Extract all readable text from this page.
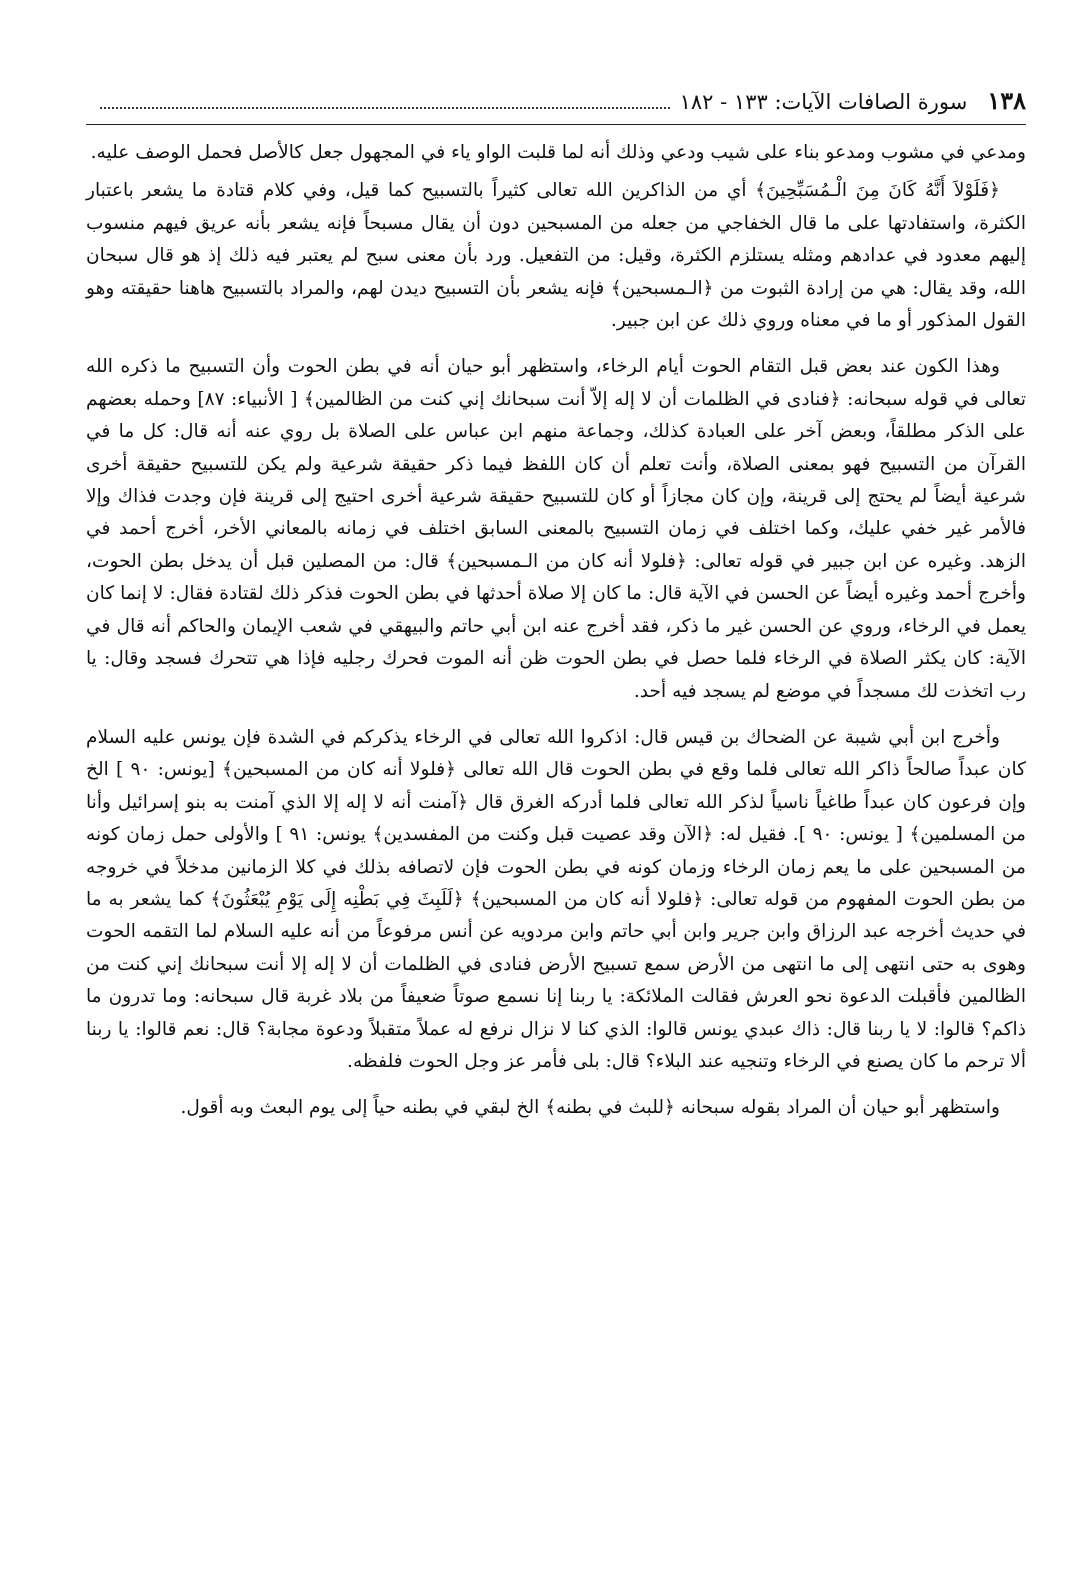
١٣٨
سورة الصافات الآيات: ١٣٣ - ١٨٢

ومدعي في مشوب ومدعو بناء على شيب ودعي وذلك أنه لما قلبت الواو ياء في المجهول جعل كالأصل فحمل الوصف عليه.

﴿فَلَوْلاَ أَنَّهُ كَانَ مِنَ الْـمُسَبِّحِينَ﴾ أي من الذاكرين الله تعالى كثيراً بالتسبيح كما قيل، وفي كلام قتادة ما يشعر باعتبار الكثرة، واستفادتها على ما قال الخفاجي من جعله من المسبحين دون أن يقال مسبحاً فإنه يشعر بأنه عريق فيهم منسوب إليهم معدود في عدادهم ومثله يستلزم الكثرة، وقيل: من التفعيل. ورد بأن معنى سبح لم يعتبر فيه ذلك إذ هو قال سبحان الله، وقد يقال: هي من إرادة الثبوت من ﴿الـمسبحين﴾ فإنه يشعر بأن التسبيح ديدن لهم، والمراد بالتسبيح هاهنا حقيقته وهو القول المذكور أو ما في معناه وروي ذلك عن ابن جبير.

وهذا الكون عند بعض قبل التقام الحوت أيام الرخاء، واستظهر أبو حيان أنه في بطن الحوت وأن التسبيح ما ذكره الله تعالى في قوله سبحانه: ﴿فنادى في الظلمات أن لا إله إلاّ أنت سبحانك إني كنت من الظالمين﴾ [ الأنبياء: ٨٧] وحمله بعضهم على الذكر مطلقاً، وبعض آخر على العبادة كذلك، وجماعة منهم ابن عباس على الصلاة بل روي عنه أنه قال: كل ما في القرآن من التسبيح فهو بمعنى الصلاة، وأنت تعلم أن كان اللفظ فيما ذكر حقيقة شرعية ولم يكن للتسبيح حقيقة أخرى شرعية أيضاً لم يحتج إلى قرينة، وإن كان مجازاً أو كان للتسبيح حقيقة شرعية أخرى احتيج إلى قرينة فإن وجدت فذاك وإلا فالأمر غير خفي عليك، وكما اختلف في زمان التسبيح بالمعنى السابق اختلف في زمانه بالمعاني الأخر، أخرج أحمد في الزهد. وغيره عن ابن جبير في قوله تعالى: ﴿فلولا أنه كان من الـمسبحين﴾ قال: من المصلين قبل أن يدخل بطن الحوت، وأخرج أحمد وغيره أيضاً عن الحسن في الآية قال: ما كان إلا صلاة أحدثها في بطن الحوت فذكر ذلك لقتادة فقال: لا إنما كان يعمل في الرخاء، وروي عن الحسن غير ما ذكر، فقد أخرج عنه ابن أبي حاتم والبيهقي في شعب الإيمان والحاكم أنه قال في الآية: كان يكثر الصلاة في الرخاء فلما حصل في بطن الحوت ظن أنه الموت فحرك رجليه فإذا هي تتحرك فسجد وقال: يا رب اتخذت لك مسجداً في موضع لم يسجد فيه أحد.

وأخرج ابن أبي شيبة عن الضحاك بن قيس قال: اذكروا الله تعالى في الرخاء يذكركم في الشدة فإن يونس عليه السلام كان عبداً صالحاً ذاكر الله تعالى فلما وقع في بطن الحوت قال الله تعالى ﴿فلولا أنه كان من المسبحين﴾ [يونس: ٩٠ ] الخ وإن فرعون كان عبداً طاغياً ناسياً لذكر الله تعالى فلما أدركه الغرق قال ﴿آمنت أنه لا إله إلا الذي آمنت به بنو إسرائيل وأنا من المسلمين﴾ [ يونس: ٩٠ ]. فقيل له: ﴿الآن وقد عصيت قبل وكنت من المفسدين﴾ يونس: ٩١ ] والأولى حمل زمان كونه من المسبحين على ما يعم زمان الرخاء وزمان كونه في بطن الحوت فإن لاتصافه بذلك في كلا الزمانين مدخلاً في خروجه من بطن الحوت المفهوم من قوله تعالى: ﴿فلولا أنه كان من المسبحين﴾ ﴿لَلَبِثَ فِي بَطْنِه إِلَى يَوْمِ يُبْعَثُونَ﴾ كما يشعر به ما في حديث أخرجه عبد الرزاق وابن جرير وابن أبي حاتم وابن مردويه عن أنس مرفوعاً من أنه عليه السلام لما التقمه الحوت وهوى به حتى انتهى إلى ما انتهى من الأرض سمع تسبيح الأرض فنادى في الظلمات أن لا إله إلا أنت سبحانك إني كنت من الظالمين فأقبلت الدعوة نحو العرش فقالت الملائكة: يا ربنا إنا نسمع صوتاً ضعيفاً من بلاد غربة قال سبحانه: وما تدرون ما ذاكم؟ قالوا: لا يا ربنا قال: ذاك عبدي يونس قالوا: الذي كنا لا نزال نرفع له عملاً متقبلاً ودعوة مجابة؟ قال: نعم قالوا: يا ربنا ألا ترحم ما كان يصنع في الرخاء وتنجيه عند البلاء؟ قال: بلى فأمر عز وجل الحوت فلفظه.

واستظهر أبو حيان أن المراد بقوله سبحانه ﴿للبث في بطنه﴾ الخ لبقي في بطنه حياً إلى يوم البعث وبه أقول.
